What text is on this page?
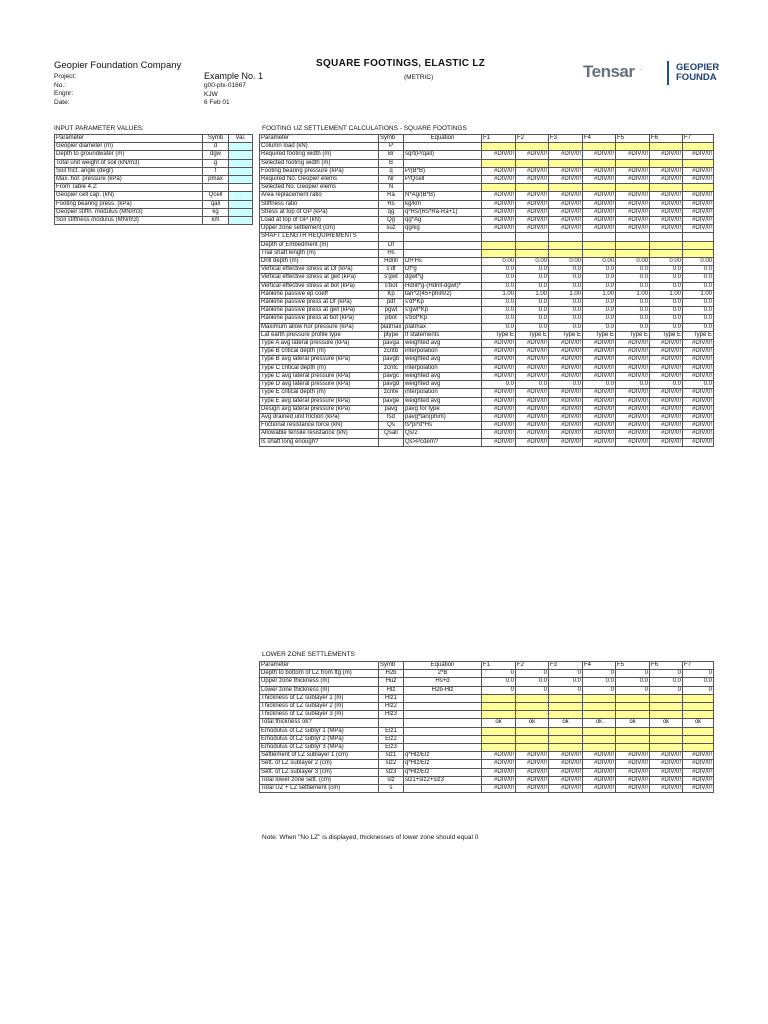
Geopier Foundation Company	SQUARE FOOTINGS, ELASTIC LZ
(METRIC)
Project:
No.:
Engnr:
Date:
Example No. 1
g00-ptx-01667
KJW
6 Feb 01
Tensar .	GEOPIER
FOUNDA
INPUT PARAMETER VALUES:	FOOTING UZ SETTLEMENT CALCULATIONS - SQUARE FOOTINGS
LOWER ZONE SETTLEMENTS
Parameter	Symb	Val.
Geopier diameter (m)	d	
Depth to groundwater (m)	dgw	
Total unit weight of soil (kN/m3)	g	
Soil frict. angle (degr)	f	
Max. hor. pressure (kPa)	pmax	
From Table 4.2:		
Geopier cell cap. (kN)	Qcell	
Footing bearing press. (kPa)	qall	
Geopier stiffn. modulus (MN/m3)	kg	
Soil stiffness modulus (MN/m3)	km	
Parameter	Symb	Equation	F1	F2	F3	F4	F5	F6	F7
Column load (kN)	P								
Required footing width (m)	Br	sqrt(P/qall)	#DIV/0!	#DIV/0!	#DIV/0!	#DIV/0!	#DIV/0!	#DIV/0!	#DIV/0!
Selected footing width (m)	B								
Footing bearing pressure (kPa)	q	P/(B*B)	#DIV/0!	#DIV/0!	#DIV/0!	#DIV/0!	#DIV/0!	#DIV/0!	#DIV/0!
Required No. Geopier elems	Nr	P/Qcell	#DIV/0!	#DIV/0!	#DIV/0!	#DIV/0!	#DIV/0!	#DIV/0!	#DIV/0!
Selected No. Geopier elems	N								
Area replacement ratio	Ra	N*Ag/(B*B)	#DIV/0!	#DIV/0!	#DIV/0!	#DIV/0!	#DIV/0!	#DIV/0!	#DIV/0!
Stiffness ratio	Rs	kg/km	#DIV/0!	#DIV/0!	#DIV/0!	#DIV/0!	#DIV/0!	#DIV/0!	#DIV/0!
Stress at top of GP (kPa)	qg	q*Rs/(Rs*Ra-Ra+1)	#DIV/0!	#DIV/0!	#DIV/0!	#DIV/0!	#DIV/0!	#DIV/0!	#DIV/0!
Load at top of GP (kN)	Qg	qg*Ag	#DIV/0!	#DIV/0!	#DIV/0!	#DIV/0!	#DIV/0!	#DIV/0!	#DIV/0!
Upper zone settlement (cm)	suz	qg/kg	#DIV/0!	#DIV/0!	#DIV/0!	#DIV/0!	#DIV/0!	#DIV/0!	#DIV/0!
SHAFT LENGTH REQUIREMENTS									
Depth of Embedment (m)	Df								
Trial shaft length (m)	Hs								
Drill depth (m)	Hdrill	Df+Hs	0.00	0.00	0.00	0.00	0.00	0.00	0.00
Vertical effective stress at Df (kPa)	s'df	Df*g	0.0	0.0	0.0	0.0	0.0	0.0	0.0
Vertical effective stress at gwt (kPa)	s'gwt	dgwt*g	0.0	0.0	0.0	0.0	0.0	0.0	0.0
Vertical effective stress at bot (kPa)	s'bot	Hdrill*g-(Hdrill-dgwt)*	0.0	0.0	0.0	0.0	0.0	0.0	0.0
Rankine passive ep coeff	Kp	tan^2(45+phim/2)	1.00	1.00	1.00	1.00	1.00	1.00	1.00
Rankine passive press at Df (kPa)	pdf	s'df*Kp	0.0	0.0	0.0	0.0	0.0	0.0	0.0
Rankine passive press at gwt (kPa)	pgwt	s'gwt*Kp	0.0	0.0	0.0	0.0	0.0	0.0	0.0
Rankine passive press at bot (kPa)	pbot	s'bot*Kp	0.0	0.0	0.0	0.0	0.0	0.0	0.0
Maximum allow hor pressure (kPa)	platmax	platmax	0.0	0.0	0.0	0.0	0.0	0.0	0.0
Lat earth pressure profile type	ptype	If statements	Type E	Type E	Type E	Type E	Type E	Type E	Type E
Type A avg lateral pressure (kPa)	pavga	weighted avg	#DIV/0!	#DIV/0!	#DIV/0!	#DIV/0!	#DIV/0!	#DIV/0!	#DIV/0!
Type B critical depth (m)	zcritb	interpolation	#DIV/0!	#DIV/0!	#DIV/0!	#DIV/0!	#DIV/0!	#DIV/0!	#DIV/0!
Type B avg lateral pressure (kPa)	pavgb	weighted avg	#DIV/0!	#DIV/0!	#DIV/0!	#DIV/0!	#DIV/0!	#DIV/0!	#DIV/0!
Type C critical depth (m)	zcritc	interpolation	#DIV/0!	#DIV/0!	#DIV/0!	#DIV/0!	#DIV/0!	#DIV/0!	#DIV/0!
Type C avg lateral pressure (kPa)	pavgc	weighted avg	#DIV/0!	#DIV/0!	#DIV/0!	#DIV/0!	#DIV/0!	#DIV/0!	#DIV/0!
Type D avg lateral pressure (kPa)	pavgd	weighted avg	0.0	0.0	0.0	0.0	0.0	0.0	0.0
Type E critical depth (m)	zcrite	interpolation	#DIV/0!	#DIV/0!	#DIV/0!	#DIV/0!	#DIV/0!	#DIV/0!	#DIV/0!
Type E avg lateral pressure (kPa)	pavge	weighted avg	#DIV/0!	#DIV/0!	#DIV/0!	#DIV/0!	#DIV/0!	#DIV/0!	#DIV/0!
Design avg lateral pressure (kPa)	pavg	pavg for type	#DIV/0!	#DIV/0!	#DIV/0!	#DIV/0!	#DIV/0!	#DIV/0!	#DIV/0!
Avg drained unit friction (kPa)	fsd	pavg*tan(phim)	#DIV/0!	#DIV/0!	#DIV/0!	#DIV/0!	#DIV/0!	#DIV/0!	#DIV/0!
Frictional resistance force (kN)	Qs	fs*pi*d*Hs	#DIV/0!	#DIV/0!	#DIV/0!	#DIV/0!	#DIV/0!	#DIV/0!	#DIV/0!
Allowable tensile resistance (kN)	Qsall	Qs/2	#DIV/0!	#DIV/0!	#DIV/0!	#DIV/0!	#DIV/0!	#DIV/0!	#DIV/0!
Is shaft long enough?		Qs>Pcdem?	#DIV/0!	#DIV/0!	#DIV/0!	#DIV/0!	#DIV/0!	#DIV/0!	#DIV/0!
Parameter	Symb	Equation	F1	F2	F3	F4	F5	F6	F7
Depth to bottom of LZ from ftg (m)	H2b	2*B	0	0	0	0	0	0	0
Upper zone thickness (m)	Huz	Hs+d	0.0	0.0	0.0	0.0	0.0	0.0	0.0
Lower zone thickness (m)	Hlz	H2b-Hlz	0	0	0	0	0	0	0
Thickness of LZ sublayer 1 (m)	Hlz1								
Thickness of LZ sublayer 2 (m)	Hlz2								
Thickness of LZ sublayer 3 (m)	Hlz3								
Total thickness ok?			ok	ok	ok	ok	ok	ok	ok
Emodulus of LZ sublyr 1 (MPa)	Elz1								
Emodulus of LZ sublyr 2 (MPa)	Elz2								
Emodulus of LZ sublyr 3 (MPa)	Elz3								
Settlement of LZ sublayer 1 (cm)	slz1	q*Hlz/Elz	#DIV/0!	#DIV/0!	#DIV/0!	#DIV/0!	#DIV/0!	#DIV/0!	#DIV/0!
Sett. of LZ sublayer 2 (cm)	slz2	q*Hlz/Elz	#DIV/0!	#DIV/0!	#DIV/0!	#DIV/0!	#DIV/0!	#DIV/0!	#DIV/0!
Sett. of LZ sublayer 3 (cm)	slz3	q*Hlz/Elz	#DIV/0!	#DIV/0!	#DIV/0!	#DIV/0!	#DIV/0!	#DIV/0!	#DIV/0!
Total lower zone sett. (cm)	slz	slz1+slz2+slz3	#DIV/0!	#DIV/0!	#DIV/0!	#DIV/0!	#DIV/0!	#DIV/0!	#DIV/0!
Total UZ + LZ settlement (cm)	s		#DIV/0!	#DIV/0!	#DIV/0!	#DIV/0!	#DIV/0!	#DIV/0!	#DIV/0!
Note: When "No LZ" is displayed, thicknesses of lower zone should equal 0
